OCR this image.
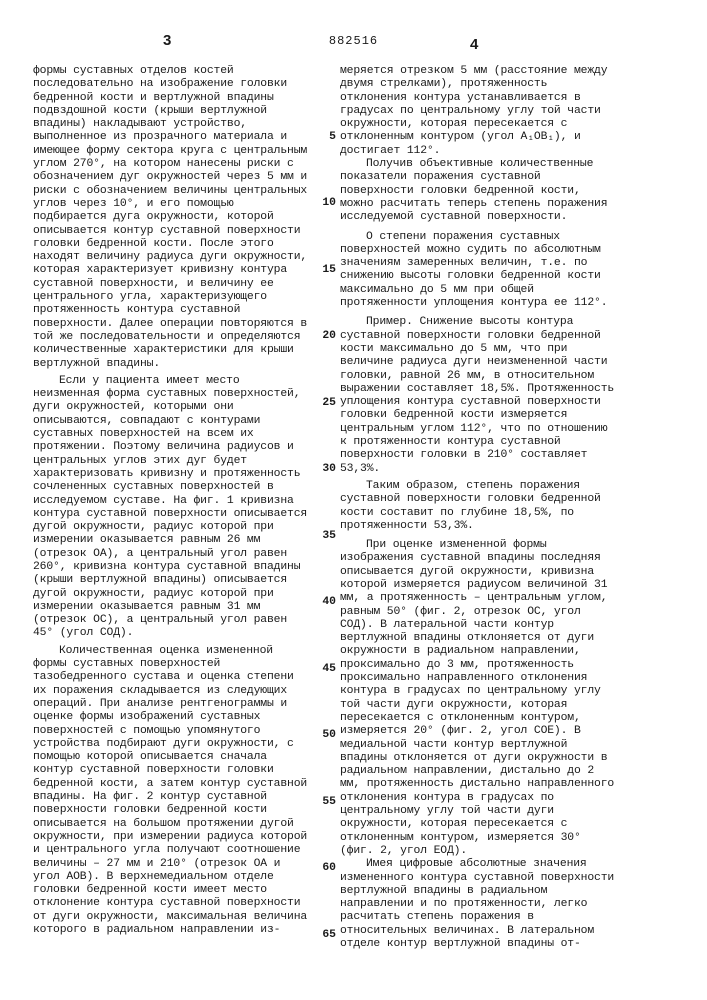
3	882516	4
формы суставных отделов костей последовательно на изображение головки бедренной кости и вертлужной впадины подвздошной кости (крыши вертлужной впадины) накладывают устройство, выполненное из прозрачного материала и имеющее форму сектора круга с центральным углом 270°, на котором нанесены риски с обозначением дуг окружностей через 5 мм и риски с обозначением величины центральных углов через 10°, и его помощью подбирается дуга окружности, которой описывается контур суставной поверхности головки бедренной кости. После этого находят величину радиуса дуги окружности, которая характеризует кривизну контура суставной поверхности, и величину ее центрального угла, характеризующего протяженность контура суставной поверхности. Далее операции повторяются в той же последовательности и определяются количественные характеристики для крыши вертлужной впадины.
Если у пациента имеет место неизменная форма суставных поверхностей, дуги окружностей, которыми они описываются, совпадают с контурами суставных поверхностей на всем их протяжении. Поэтому величина радиусов и центральных углов этих дуг будет характеризовать кривизну и протяженность сочлененных суставных поверхностей в исследуемом суставе. На фиг. 1 кривизна контура суставной поверхности описывается дугой окружности, радиус которой при измерении оказывается равным 26 мм (отрезок ОА), а центральный угол равен 260°, кривизна контура суставной впадины (крыши вертлужной впадины) описывается дугой окружности, радиус которой при измерении оказывается равным 31 мм (отрезок ОС), а центральный угол равен 45° (угол СОД).
Количественная оценка измененной формы суставных поверхностей тазобедренного сустава и оценка степени их поражения складывается из следующих операций. При анализе рентгенограммы и оценке формы изображений суставных поверхностей с помощью упомянутого устройства подбирают дуги окружности, с помощью которой описывается сначала контур суставной поверхности головки бедренной кости, а затем контур суставной впадины. На фиг. 2 контур суставной поверхности головки бедренной кости описывается на большом протяжении дугой окружности, при измерении радиуса которой и центрального угла получают соотношение величины – 27 мм и 210° (отрезок ОА и угол АОВ). В верхнемедиальном отделе головки бедренной кости имеет место отклонение контура суставной поверхности от дуги окружности, максимальная величина которого в радиальном направлении из-
5
10
15
20
25
30
35
40
45
50
55
60
65
меряется отрезком 5 мм (расстояние между двумя стрелками), протяженность отклонения контура устанавливается в градусах по центральному углу той части окружности, которая пересекается с отклоненным контуром (угол А₁ОВ₁), и достигает 112°.
Получив объективные количественные показатели поражения суставной поверхности головки бедренной кости, можно расчитать теперь степень поражения исследуемой суставной поверхности.
О степени поражения суставных поверхностей можно судить по абсолютным значениям замеренных величин, т.е. по снижению высоты головки бедренной кости максимально до 5 мм при общей протяженности уплощения контура ее 112°.
Пример. Снижение высоты контура суставной поверхности головки бедренной кости максимально до 5 мм, что при величине радиуса дуги неизмененной части головки, равной 26 мм, в относительном выражении составляет 18,5%. Протяженность уплощения контура суставной поверхности головки бедренной кости измеряется центральным углом 112°, что по отношению к протяженности контура суставной поверхности головки в 210° составляет 53,3%.
Таким образом, степень поражения суставной поверхности головки бедренной кости составит по глубине 18,5%, по протяженности 53,3%.
При оценке измененной формы изображения суставной впадины последняя описывается дугой окружности, кривизна которой измеряется радиусом величиной 31 мм, а протяженность – центральным углом, равным 50° (фиг. 2, отрезок ОС, угол СОД). В латеральной части контур вертлужной впадины отклоняется от дуги окружности в радиальном направлении, проксимально до 3 мм, протяженность проксимально направленного отклонения контура в градусах по центральному углу той части дуги окружности, которая пересекается с отклоненным контуром, измеряется 20° (фиг. 2, угол СОЕ). В медиальной части контур вертлужной впадины отклоняется от дуги окружности в радиальном направлении, дистально до 2 мм, протяженность дистально направленного отклонения контура в градусах по центральному углу той части дуги окружности, которая пересекается с отклоненным контуром, измеряется 30° (фиг. 2, угол ЕОД).
Имея цифровые абсолютные значения измененного контура суставной поверхности вертлужной впадины в радиальном направлении и по протяженности, легко расчитать степень поражения в относительных величинах. В латеральном отделе контур вертлужной впадины от-
